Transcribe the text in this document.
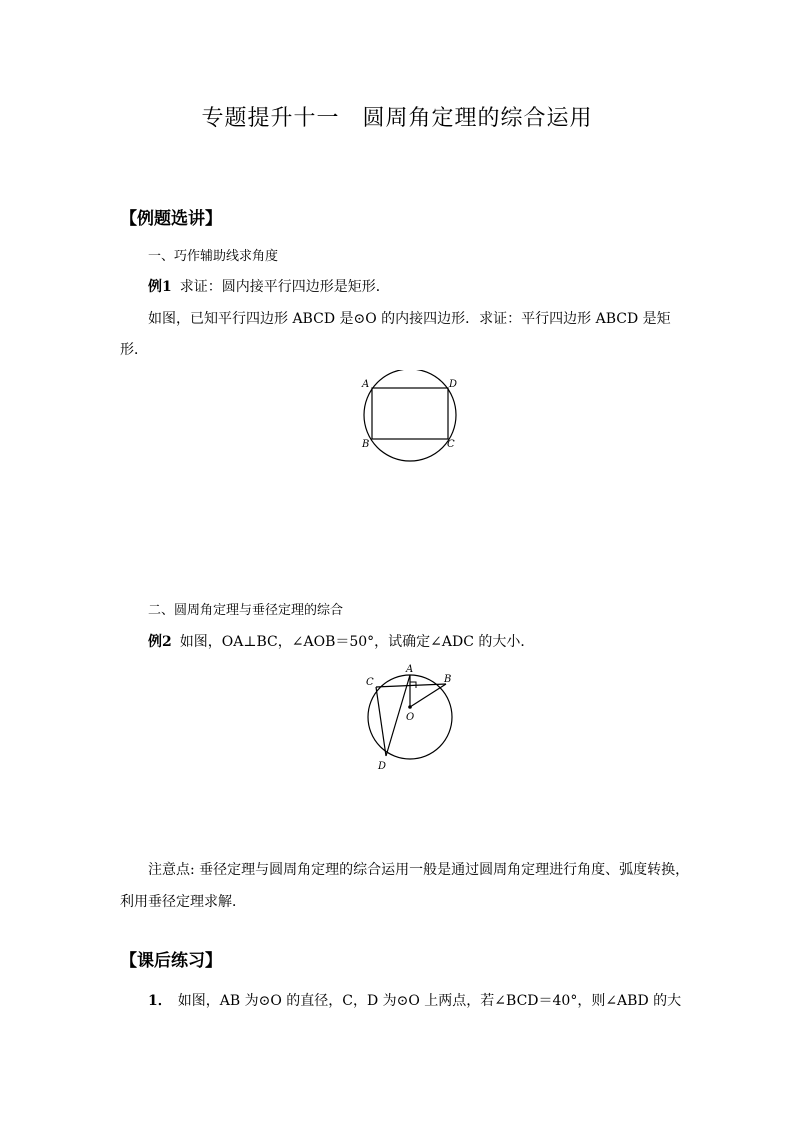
专题提升十一　圆周角定理的综合运用
【例题选讲】
一、巧作辅助线求角度
例1 求证：圆内接平行四边形是矩形．
如图，已知平行四边形 ABCD 是⊙O 的内接四边形．求证：平行四边形 ABCD 是矩
形．
A	D
B	C
二、圆周角定理与垂径定理的综合
例2 如图，OA⊥BC，∠AOB＝50°，试确定∠ADC 的大小．
A
B
C
D
O
注意点: 垂径定理与圆周角定理的综合运用一般是通过圆周角定理进行角度、弧度转换，
利用垂径定理求解．
【课后练习】
1． 如图，AB 为⊙O 的直径，C，D 为⊙O 上两点，若∠BCD＝40°，则∠ABD 的大
